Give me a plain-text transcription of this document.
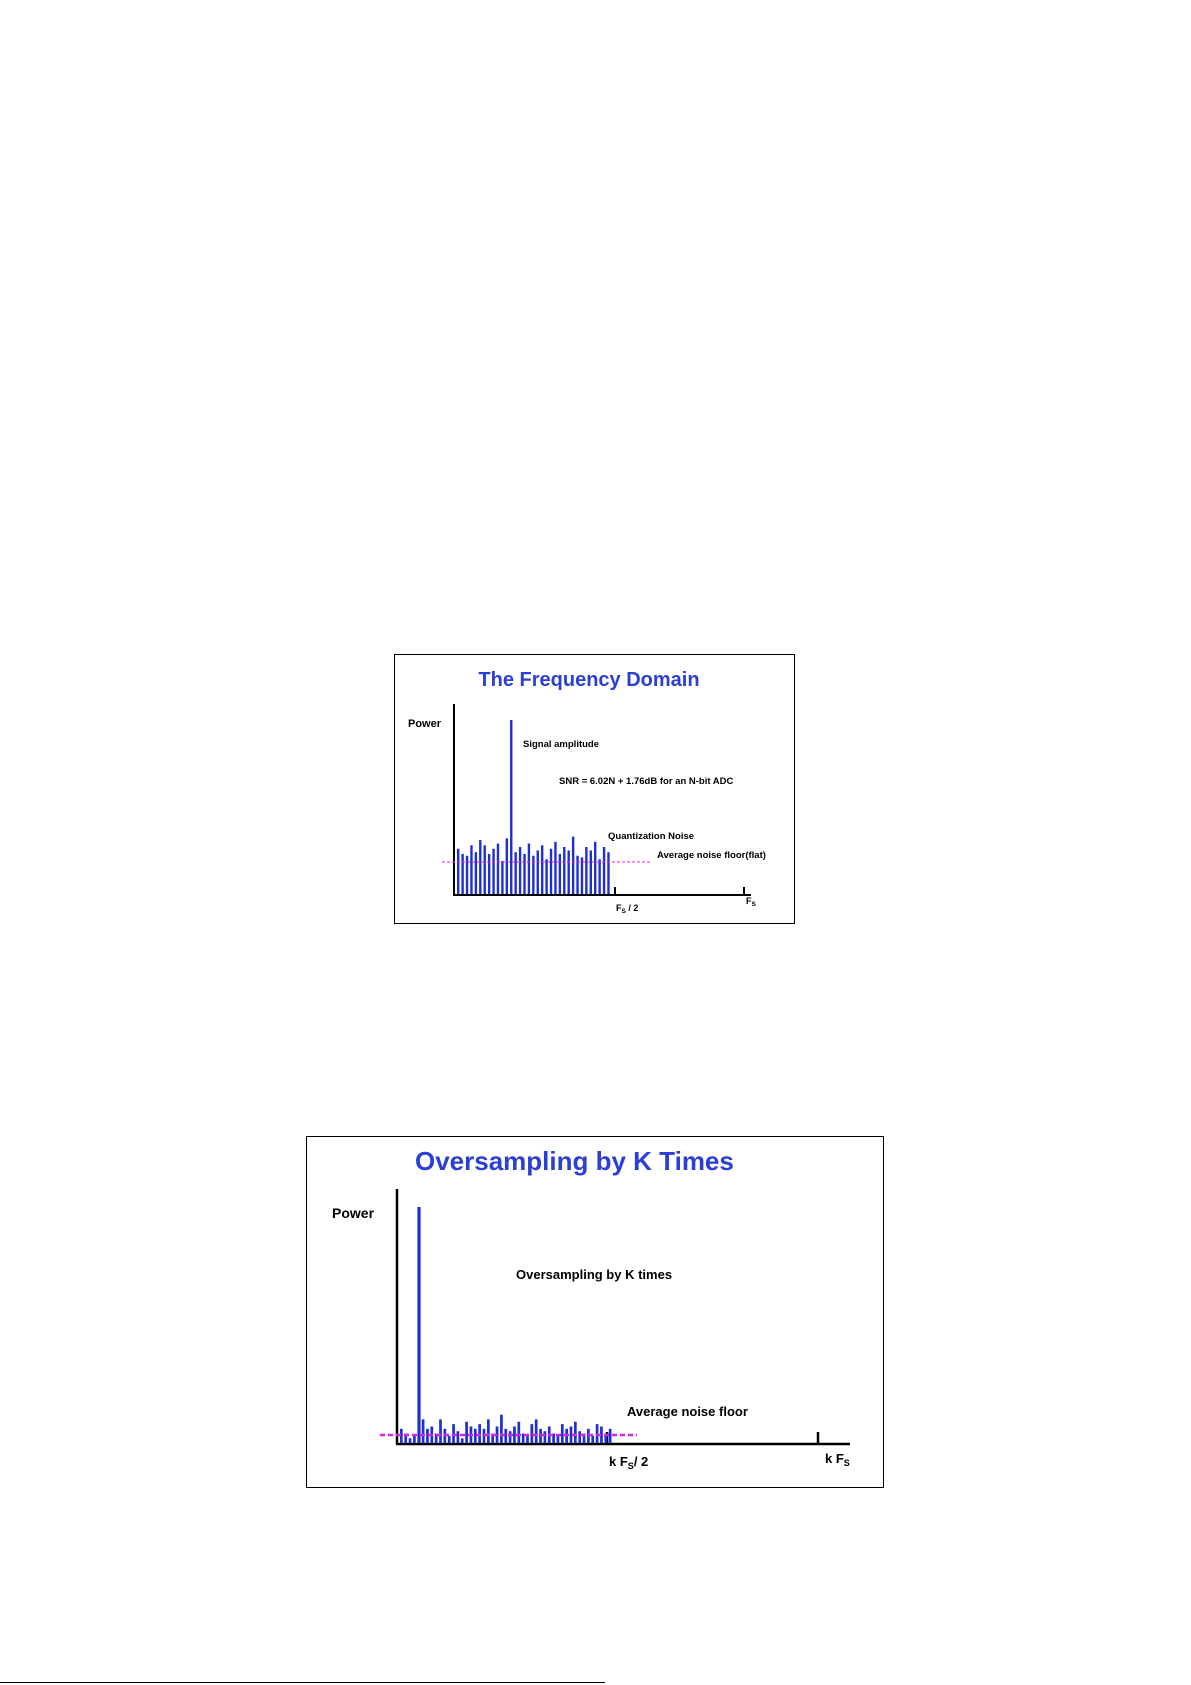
The Frequency Domain
Power
Signal amplitude
SNR = 6.02N + 1.76dB for an N-bit ADC
Quantization Noise
Average noise floor(flat)
$F_S / 2$
$F_S$
Oversampling by K Times
Power
Oversampling by K times
Average noise floor
k $F_S/$ 2	k $F_S$
